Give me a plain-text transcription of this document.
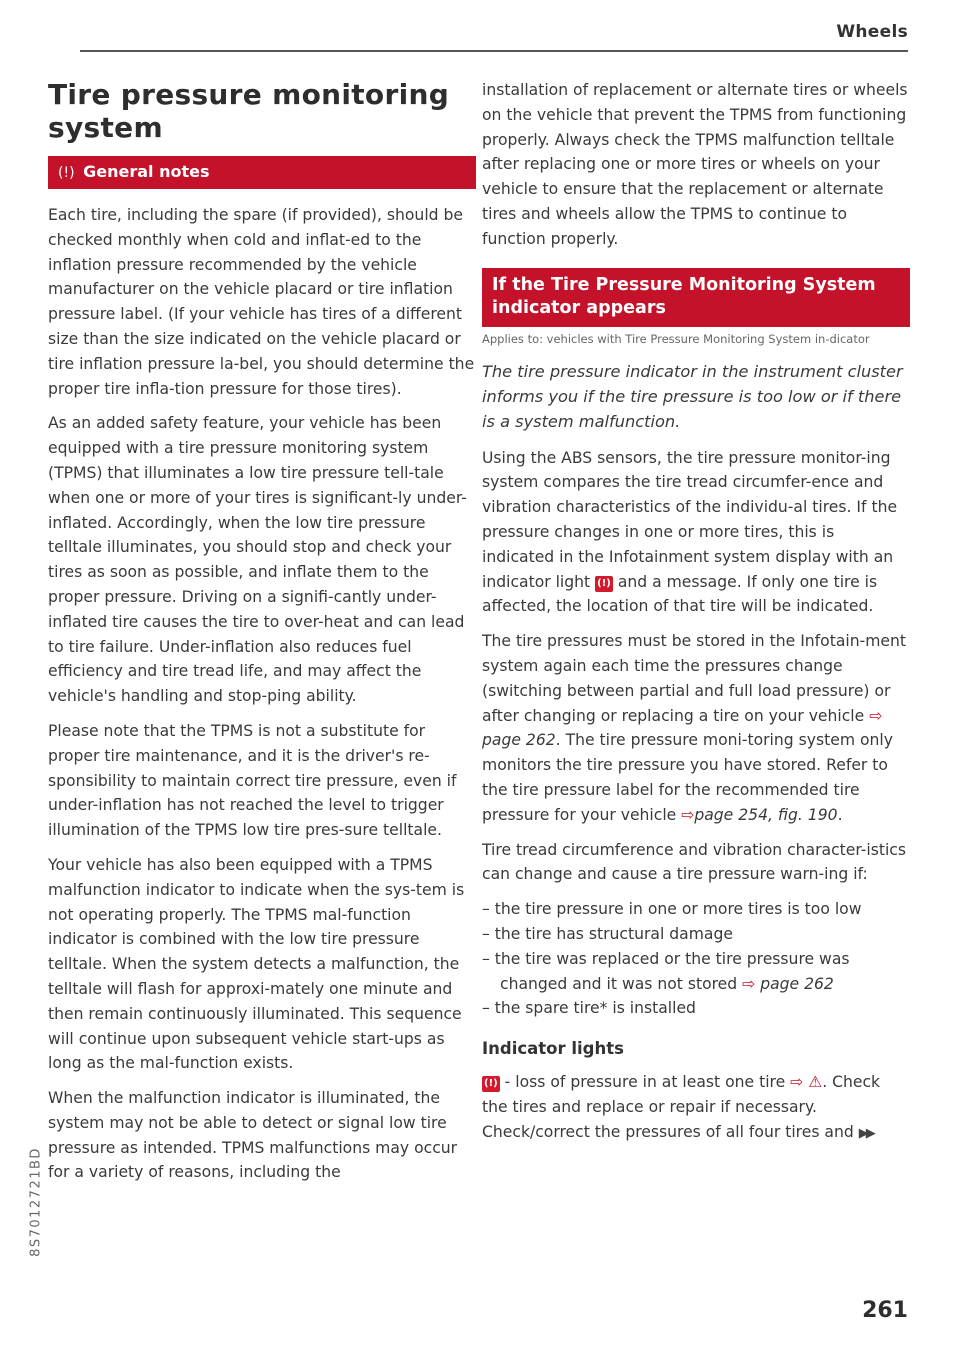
Wheels
8S7012721BD
Tire pressure monitoring system
(!) General notes

Each tire, including the spare (if provided), should be checked monthly when cold and inflat-ed to the inflation pressure recommended by the vehicle manufacturer on the vehicle placard or tire inflation pressure label. (If your vehicle has tires of a different size than the size indicated on the vehicle placard or tire inflation pressure la-bel, you should determine the proper tire infla-tion pressure for those tires).

As an added safety feature, your vehicle has been equipped with a tire pressure monitoring system (TPMS) that illuminates a low tire pressure tell-tale when one or more of your tires is significant-ly under-inflated. Accordingly, when the low tire pressure telltale illuminates, you should stop and check your tires as soon as possible, and inflate them to the proper pressure. Driving on a signifi-cantly under-inflated tire causes the tire to over-heat and can lead to tire failure. Under-inflation also reduces fuel efficiency and tire tread life, and may affect the vehicle's handling and stop-ping ability.

Please note that the TPMS is not a substitute for proper tire maintenance, and it is the driver's re-sponsibility to maintain correct tire pressure, even if under-inflation has not reached the level to trigger illumination of the TPMS low tire pres-sure telltale.

Your vehicle has also been equipped with a TPMS malfunction indicator to indicate when the sys-tem is not operating properly. The TPMS mal-function indicator is combined with the low tire pressure telltale. When the system detects a malfunction, the telltale will flash for approxi-mately one minute and then remain continuously illuminated. This sequence will continue upon subsequent vehicle start-ups as long as the mal-function exists.

When the malfunction indicator is illuminated, the system may not be able to detect or signal low tire pressure as intended. TPMS malfunctions may occur for a variety of reasons, including the

installation of replacement or alternate tires or wheels on the vehicle that prevent the TPMS from functioning properly. Always check the TPMS malfunction telltale after replacing one or more tires or wheels on your vehicle to ensure that the replacement or alternate tires and wheels allow the TPMS to continue to function properly.

If the Tire Pressure Monitoring System indicator appears
Applies to: vehicles with Tire Pressure Monitoring System in-dicator

The tire pressure indicator in the instrument cluster informs you if the tire pressure is too low or if there is a system malfunction.

Using the ABS sensors, the tire pressure monitor-ing system compares the tire tread circumfer-ence and vibration characteristics of the individu-al tires. If the pressure changes in one or more tires, this is indicated in the Infotainment system display with an indicator light (!) and a message. If only one tire is affected, the location of that tire will be indicated.

The tire pressures must be stored in the Infotain-ment system again each time the pressures change (switching between partial and full load pressure) or after changing or replacing a tire on your vehicle ⇨ page 262. The tire pressure moni-toring system only monitors the tire pressure you have stored. Refer to the tire pressure label for the recommended tire pressure for your vehicle ⇨page 254, fig. 190.

Tire tread circumference and vibration character-istics can change and cause a tire pressure warn-ing if:

– the tire pressure in one or more tires is too low
– the tire has structural damage
– the tire was replaced or the tire pressure was changed and it was not stored ⇨ page 262
– the spare tire* is installed
Indicator lights

(!) - loss of pressure in at least one tire ⇨ ⚠. Check the tires and replace or repair if necessary. Check/correct the pressures of all four tires and ▶▶

261
